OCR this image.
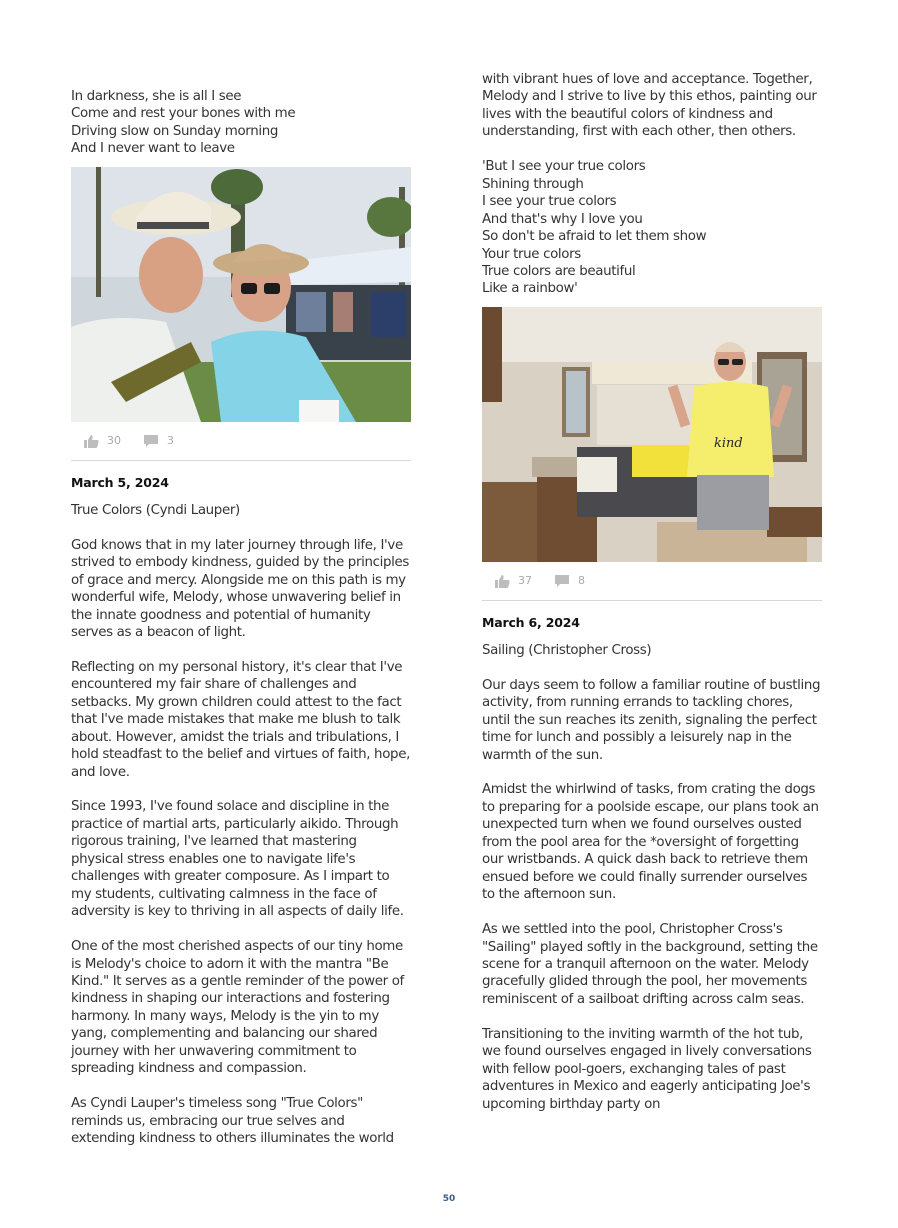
In darkness, she is all I see
Come and rest your bones with me
Driving slow on Sunday morning
And I never want to leave

30	3
March 5, 2024

True Colors (Cyndi Lauper)

God knows that in my later journey through life, I've strived to embody kindness, guided by the principles of grace and mercy. Alongside me on this path is my wonderful wife, Melody, whose unwavering belief in the innate goodness and potential of humanity serves as a beacon of light.

Reflecting on my personal history, it's clear that I've encountered my fair share of challenges and setbacks. My grown children could attest to the fact that I've made mistakes that make me blush to talk about. However, amidst the trials and tribulations, I hold steadfast to the belief and virtues of faith, hope, and love.

Since 1993, I've found solace and discipline in the practice of martial arts, particularly aikido. Through rigorous training, I've learned that mastering physical stress enables one to navigate life's challenges with greater composure. As I impart to my students, cultivating calmness in the face of adversity is key to thriving in all aspects of daily life.

One of the most cherished aspects of our tiny home is Melody's choice to adorn it with the mantra "Be Kind." It serves as a gentle reminder of the power of kindness in shaping our interactions and fostering harmony. In many ways, Melody is the yin to my yang, complementing and balancing our shared journey with her unwavering commitment to spreading kindness and compassion.

As Cyndi Lauper's timeless song "True Colors" reminds us, embracing our true selves and extending kindness to others illuminates the world

with vibrant hues of love and acceptance. Together, Melody and I strive to live by this ethos, painting our lives with the beautiful colors of kindness and understanding, first with each other, then others.

'But I see your true colors
Shining through
I see your true colors
And that's why I love you
So don't be afraid to let them show
Your true colors
True colors are beautiful
Like a rainbow'

kind
37	8
March 6, 2024

Sailing (Christopher Cross)

Our days seem to follow a familiar routine of bustling activity, from running errands to tackling chores, until the sun reaches its zenith, signaling the perfect time for lunch and possibly a leisurely nap in the warmth of the sun.

Amidst the whirlwind of tasks, from crating the dogs to preparing for a poolside escape, our plans took an unexpected turn when we found ourselves ousted from the pool area for the *oversight of forgetting our wristbands. A quick dash back to retrieve them ensued before we could finally surrender ourselves to the afternoon sun.

As we settled into the pool, Christopher Cross's "Sailing" played softly in the background, setting the scene for a tranquil afternoon on the water. Melody gracefully glided through the pool, her movements reminiscent of a sailboat drifting across calm seas.

Transitioning to the inviting warmth of the hot tub, we found ourselves engaged in lively conversations with fellow pool-goers, exchanging tales of past adventures in Mexico and eagerly anticipating Joe's upcoming birthday party on

50
